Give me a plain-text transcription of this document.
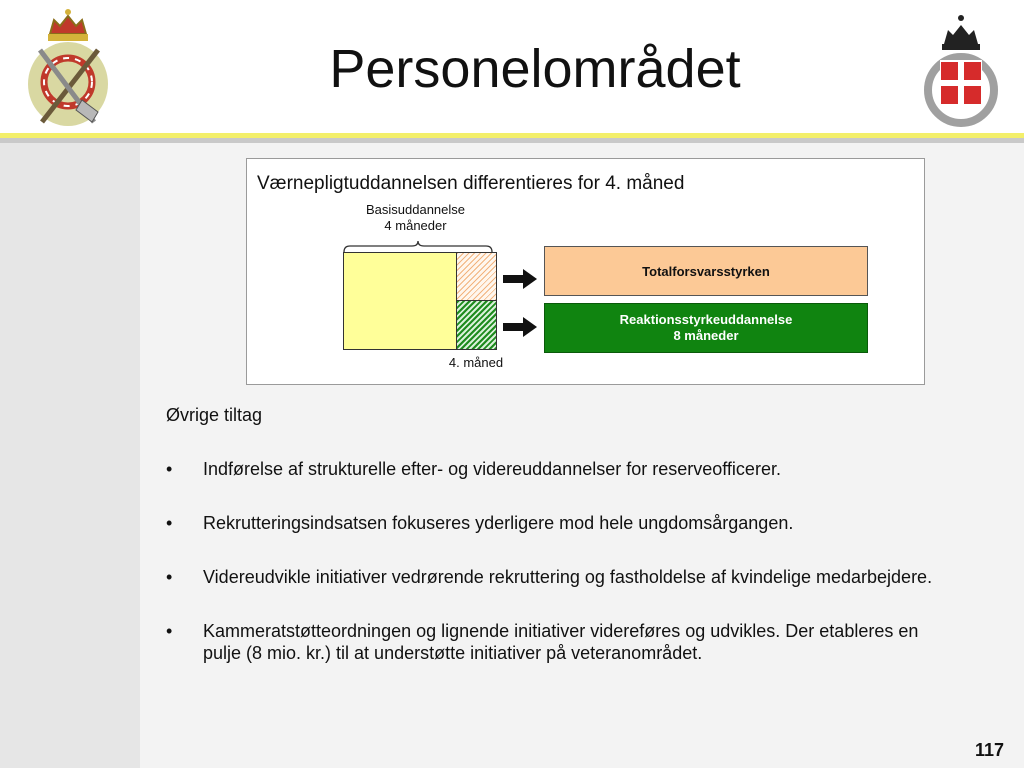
Personelområdet
Værnepligtuddannelsen differentieres for 4. måned
Basisuddannelse
4 måneder
4. måned
Totalforsvarsstyrken
Reaktionsstyrkeuddannelse
8 måneder
Øvrige tiltag
• Indførelse af strukturelle efter- og videreuddannelser for reserveofficerer.
• Rekrutteringsindsatsen fokuseres yderligere mod hele ungdomsårgangen.
• Videreudvikle initiativer vedrørende rekruttering og fastholdelse af kvindelige medarbejdere.
• Kammeratstøtteordningen og lignende initiativer videreføres og udvikles. Der etableres en pulje (8 mio. kr.) til at understøtte initiativer på veteranområdet.
117
